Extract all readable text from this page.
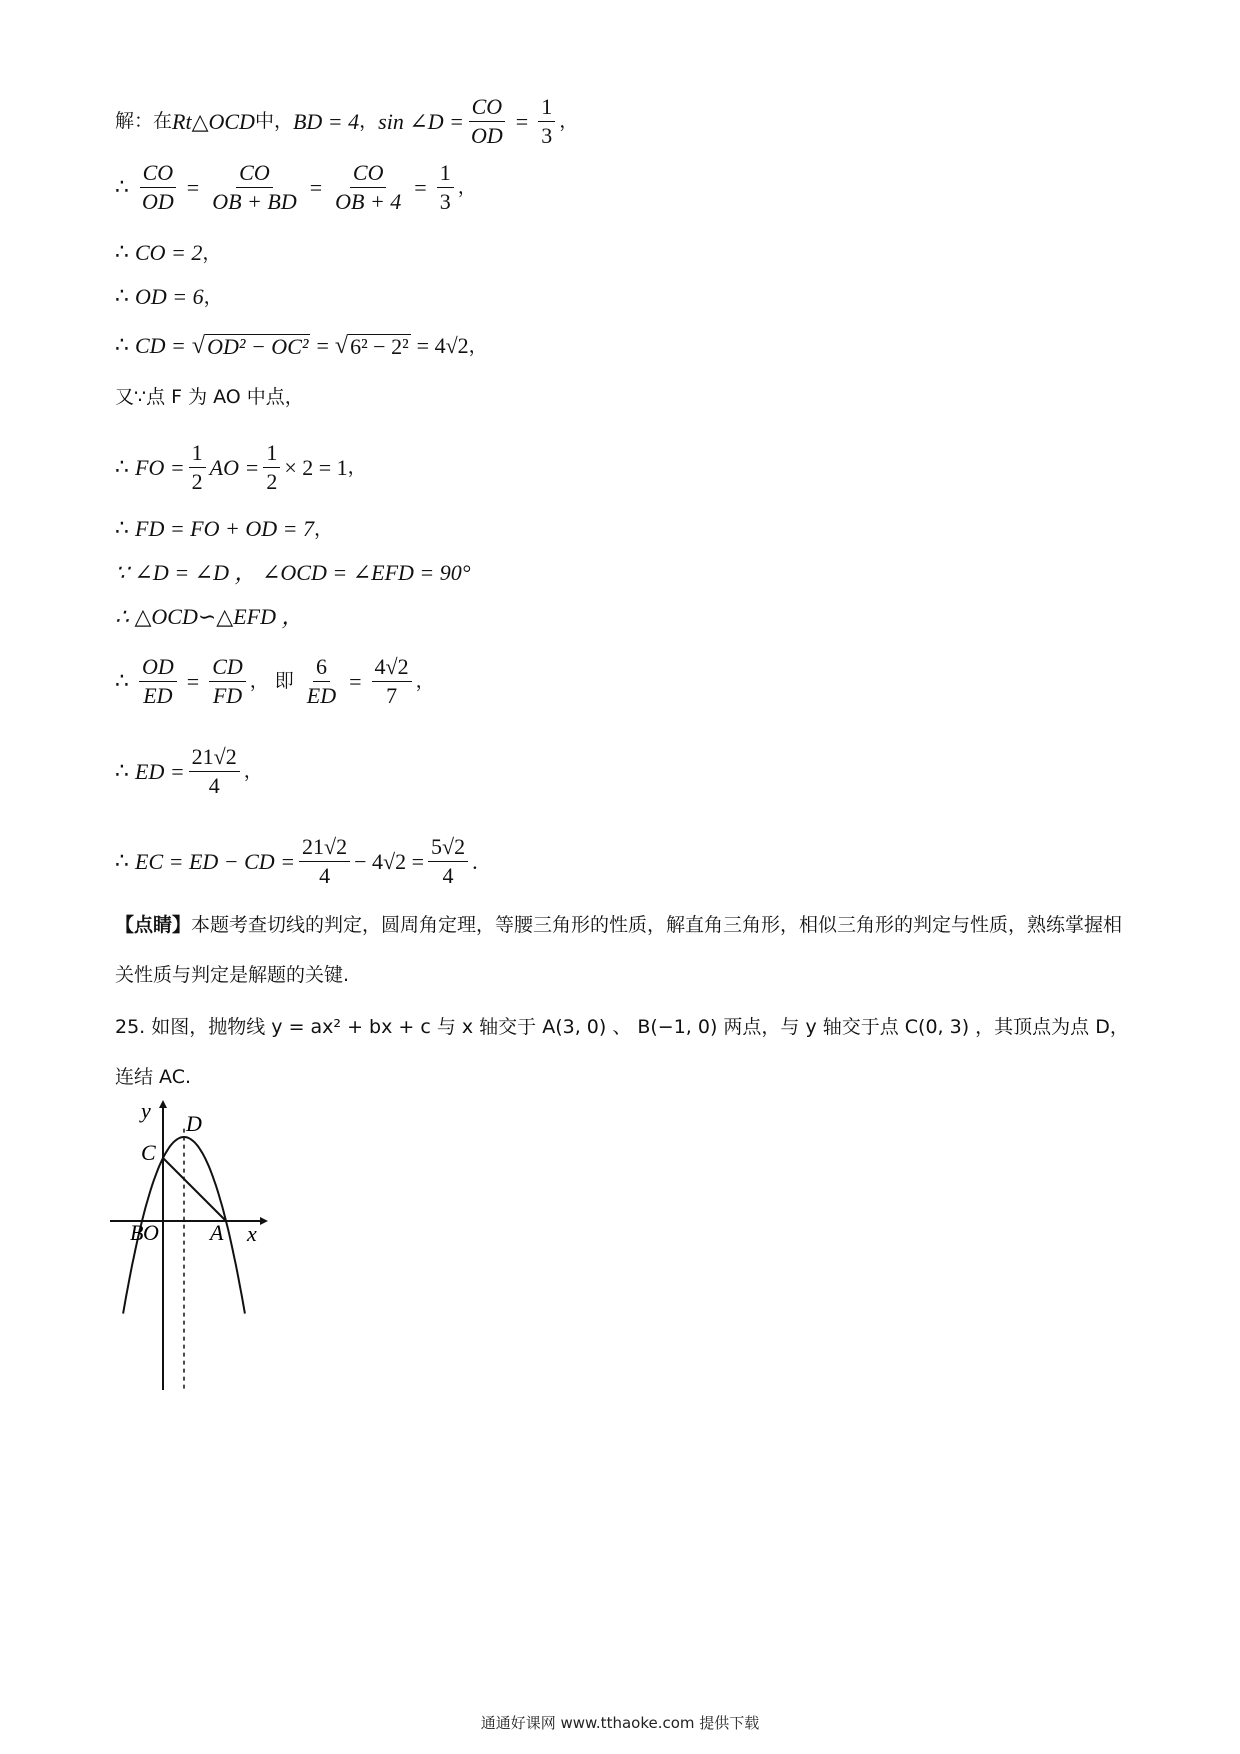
解：在 Rt△OCD 中， BD = 4 ， sin ∠D = $\frac{CO}{OD} = \frac{1}{3}$ ，
∴ $\frac{CO}{OD} = \frac{CO}{OB + BD} = \frac{CO}{OB + 4} = \frac{1}{3}$ ，
∴ CO = 2 ，
∴ OD = 6 ，
∴ CD = √ OD² − OC² = √ 6² − 2² = 4√2 ，
又∵点 F 为 AO 中点，
∴ FO = $\frac{1}{2}$ AO = $\frac{1}{2} \times 2 = 1$ ，
∴ FD = FO + OD = 7 ，
∵ ∠D = ∠D ， ∠OCD = ∠EFD = 90°
∴ △OCD∽△EFD ，
∴ $\frac{OD}{ED} = \frac{CD}{FD}$ ， 即 $\frac{6}{ED} = \frac{4√2}{7}$ ，
∴ ED = $\frac{21√2}{4}$ ，
∴ EC = ED − CD = $\frac{21√2}{4} - 4√2 = \frac{5√2}{4}$ .
【点睛】本题考查切线的判定，圆周角定理，等腰三角形的性质，解直角三角形，相似三角形的判定与性质，熟练掌握相关性质与判定是解题的关键.
25. 如图，抛物线 y = ax² + bx + c 与 x 轴交于 A(3, 0) 、 B(−1, 0) 两点，与 y 轴交于点 C(0, 3) ，其顶点为点 D，连结 AC.
y
x
D
C
B O A
通通好课网 www.tthaoke.com 提供下载
